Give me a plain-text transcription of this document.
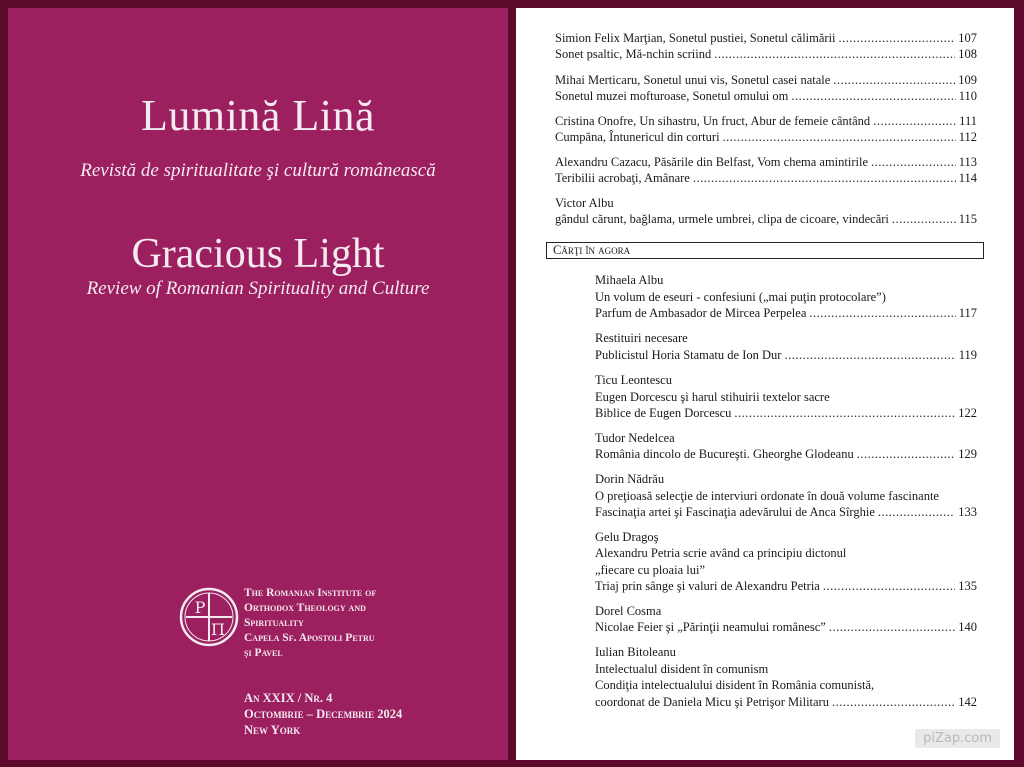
Lumină Lină
Revistă de spiritualitate şi cultură românească
Gracious Light
Review of Romanian Spirituality and Culture
P
Π
The Romanian Institute of
Orthodox Theology and
Spirituality
Capela Sf. Apostoli Petru
şi Pavel
An XXIX / Nr. 4
Octombrie – Decembrie 2024
New York
Simion Felix Marţian, Sonetul pustiei, Sonetul călimării .....	107
Sonet psaltic, Mă-nchin scriind .....	108
Mihai Merticaru, Sonetul unui vis, Sonetul casei natale .....	109
Sonetul muzei mofturoase, Sonetul omului om .....	110
Cristina Onofre, Un sihastru, Un fruct, Abur de femeie cântând .....	111
Cumpăna, Întunericul din corturi .....	112
Alexandru Cazacu, Păsările din Belfast, Vom chema amintirile .....	113
Teribilii acrobaţi, Amânare .....	114
Victor Albu
gândul cărunt, bağlama, urmele umbrei, clipa de cicoare, vindecări .....	115
Cărţi în agora
Mihaela Albu
Un volum de eseuri - confesiuni („mai puţin protocolare”)
Parfum de Ambasador de Mircea Perpelea .....	117
Restituiri necesare
Publicistul Horia Stamatu de Ion Dur .....	119
Ticu Leontescu
Eugen Dorcescu şi harul stihuirii textelor sacre
Biblice de Eugen Dorcescu .....	122
Tudor Nedelcea
România dincolo de Bucureşti. Gheorghe Glodeanu .....	129
Dorin Nădrău
O preţioasă selecţie de interviuri ordonate în două volume fascinante
Fascinaţia artei şi Fascinaţia adevărului de Anca Sîrghie .....	133
Gelu Dragoş
Alexandru Petria scrie având ca principiu dictonul
„fiecare cu ploaia lui”
Triaj prin sânge şi valuri de Alexandru Petria .....	135
Dorel Cosma
Nicolae Feier şi „Părinţii neamului românesc” .....	140
Iulian Bitoleanu
Intelectualul disident în comunism
Condiţia intelectualului disident în România comunistă,
coordonat de Daniela Micu şi Petrişor Militaru .....	142
piZap.com
